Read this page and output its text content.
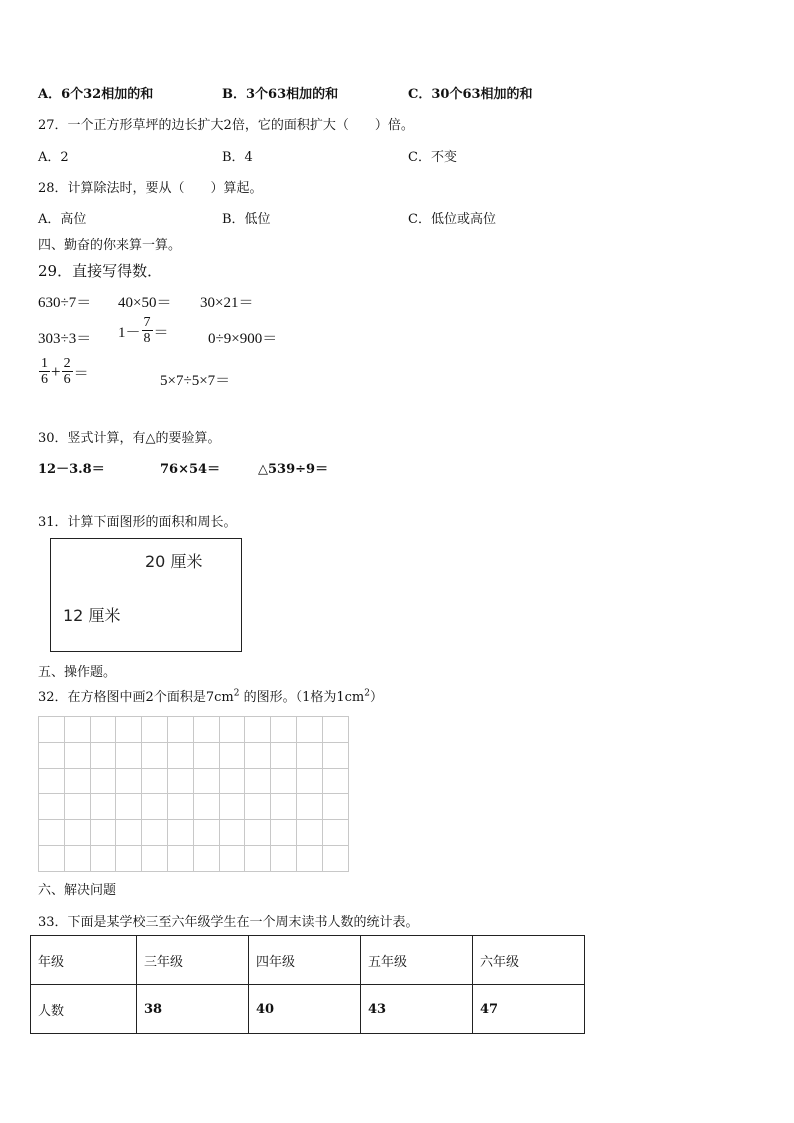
A．6个32相加的和	B．3个63相加的和	C．30个63相加的和
27．一个正方形草坪的边长扩大2倍，它的面积扩大（　　）倍。
A．2	B．4	C．不变
28．计算除法时，要从（　　）算起。
A．高位	B．低位	C．低位或高位
四、勤奋的你来算一算。
29．直接写得数．
630÷7＝ 40×50＝ 30×21＝
$303\div 3= 1- \frac{7}{8}$ ＝	0÷9×900＝
$\frac{1}{6} + \frac{2}{6}$ ＝	5×7÷5×7＝
30．竖式计算，有△的要验算。
12－3.8＝	76×54＝	△539÷9＝
31．计算下面图形的面积和周长。
20 厘米
12 厘米
五、操作题。
32．在方格图中画2个面积是$7cm^2$ 的图形。（1格为$1cm^2$）
六、解决问题
33．下面是某学校三至六年级学生在一个周末读书人数的统计表。
年级	三年级	四年级	五年级	六年级
人数	38	40	43	47
